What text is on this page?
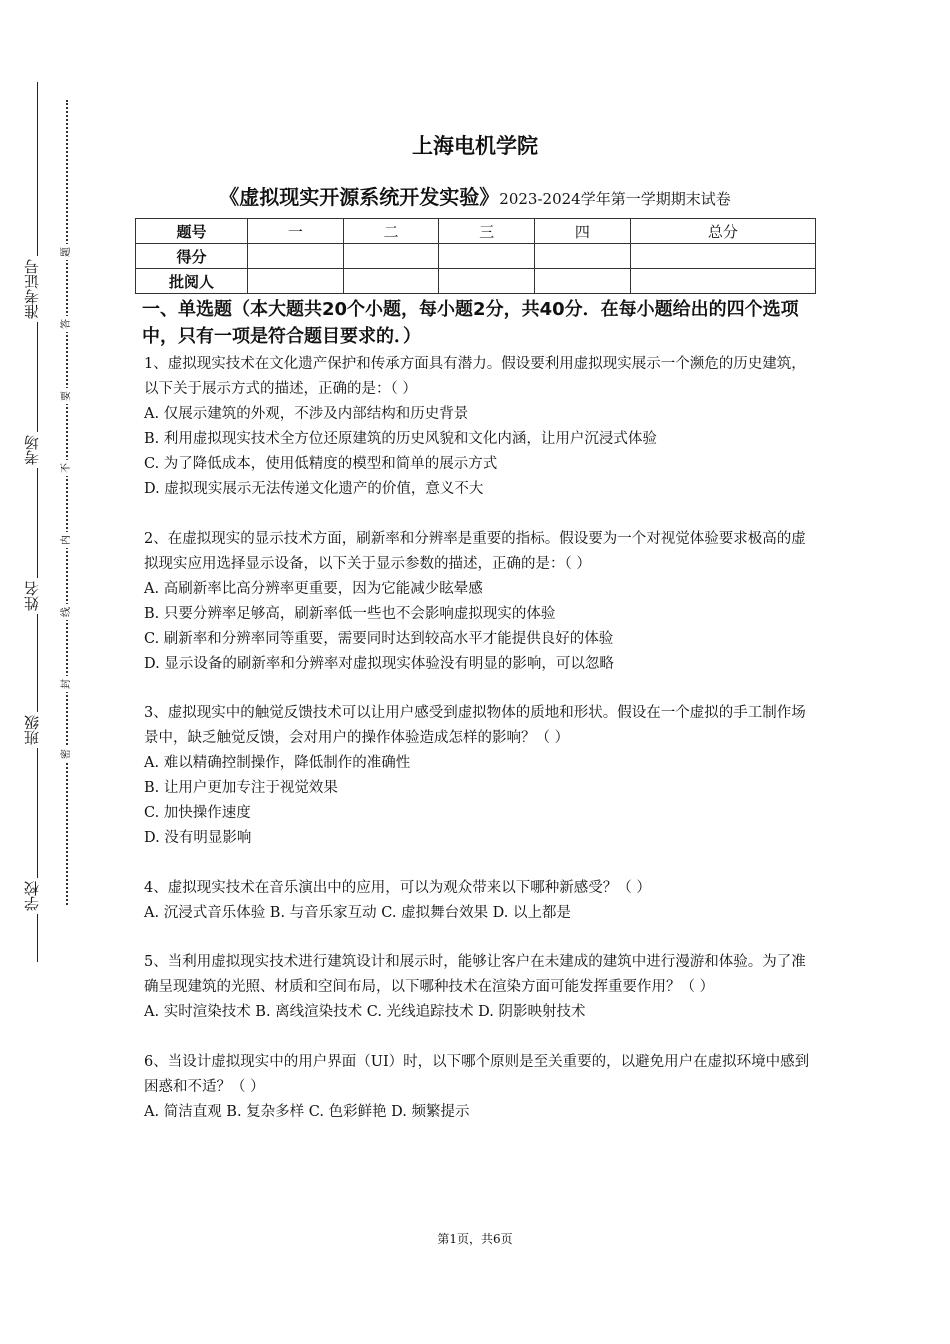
准考证号
考场
姓名
班级
学校
题
答
要
不
内
线
封
密
上海电机学院
《虚拟现实开源系统开发实验》2023-2024学年第一学期期末试卷
题号	一	二	三	四	总分
得分					
批阅人					
一、单选题（本大题共20个小题，每小题2分，共40分．在每小题给出的四个选项中，只有一项是符合题目要求的．）
1、虚拟现实技术在文化遗产保护和传承方面具有潜力。假设要利用虚拟现实展示一个濒危的历史建筑，以下关于展示方式的描述，正确的是：（ ）
A. 仅展示建筑的外观，不涉及内部结构和历史背景
B. 利用虚拟现实技术全方位还原建筑的历史风貌和文化内涵，让用户沉浸式体验
C. 为了降低成本，使用低精度的模型和简单的展示方式
D. 虚拟现实展示无法传递文化遗产的价值，意义不大
2、在虚拟现实的显示技术方面，刷新率和分辨率是重要的指标。假设要为一个对视觉体验要求极高的虚拟现实应用选择显示设备，以下关于显示参数的描述，正确的是：（ ）
A. 高刷新率比高分辨率更重要，因为它能减少眩晕感
B. 只要分辨率足够高，刷新率低一些也不会影响虚拟现实的体验
C. 刷新率和分辨率同等重要，需要同时达到较高水平才能提供良好的体验
D. 显示设备的刷新率和分辨率对虚拟现实体验没有明显的影响，可以忽略
3、虚拟现实中的触觉反馈技术可以让用户感受到虚拟物体的质地和形状。假设在一个虚拟的手工制作场景中，缺乏触觉反馈，会对用户的操作体验造成怎样的影响？（ ）
A. 难以精确控制操作，降低制作的准确性
B. 让用户更加专注于视觉效果
C. 加快操作速度
D. 没有明显影响
4、虚拟现实技术在音乐演出中的应用，可以为观众带来以下哪种新感受？（ ）
A. 沉浸式音乐体验 B. 与音乐家互动 C. 虚拟舞台效果 D. 以上都是
5、当利用虚拟现实技术进行建筑设计和展示时，能够让客户在未建成的建筑中进行漫游和体验。为了准确呈现建筑的光照、材质和空间布局，以下哪种技术在渲染方面可能发挥重要作用？（ ）
A. 实时渲染技术 B. 离线渲染技术 C. 光线追踪技术 D. 阴影映射技术
6、当设计虚拟现实中的用户界面（UI）时，以下哪个原则是至关重要的，以避免用户在虚拟环境中感到困惑和不适？（ ）
A. 简洁直观 B. 复杂多样 C. 色彩鲜艳 D. 频繁提示
第1页，共6页
